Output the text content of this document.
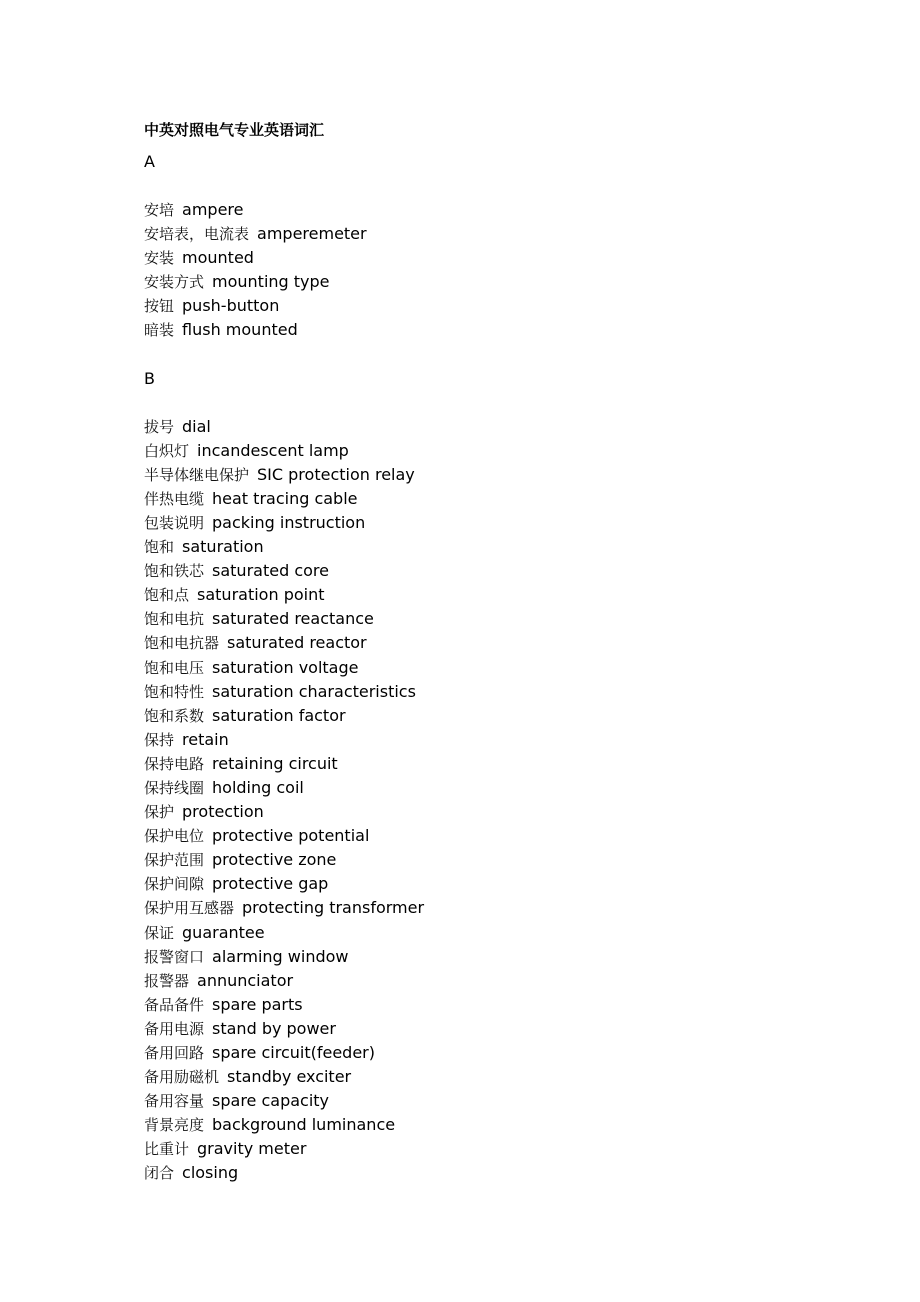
中英对照电气专业英语词汇
A
安培 ampere
安培表，电流表 amperemeter
安装 mounted
安装方式 mounting type
按钮 push-button
暗装 flush mounted
B
拔号 dial
白炽灯 incandescent lamp
半导体继电保护 SIC protection relay
伴热电缆 heat tracing cable
包装说明 packing instruction
饱和 saturation
饱和铁芯 saturated core
饱和点 saturation point
饱和电抗 saturated reactance
饱和电抗器 saturated reactor
饱和电压 saturation voltage
饱和特性 saturation characteristics
饱和系数 saturation factor
保持 retain
保持电路 retaining circuit
保持线圈 holding coil
保护 protection
保护电位 protective potential
保护范围 protective zone
保护间隙 protective gap
保护用互感器 protecting transformer
保证 guarantee
报警窗口 alarming window
报警器 annunciator
备品备件 spare parts
备用电源 stand by power
备用回路 spare circuit(feeder)
备用励磁机 standby exciter
备用容量 spare capacity
背景亮度 background luminance
比重计 gravity meter
闭合 closing
